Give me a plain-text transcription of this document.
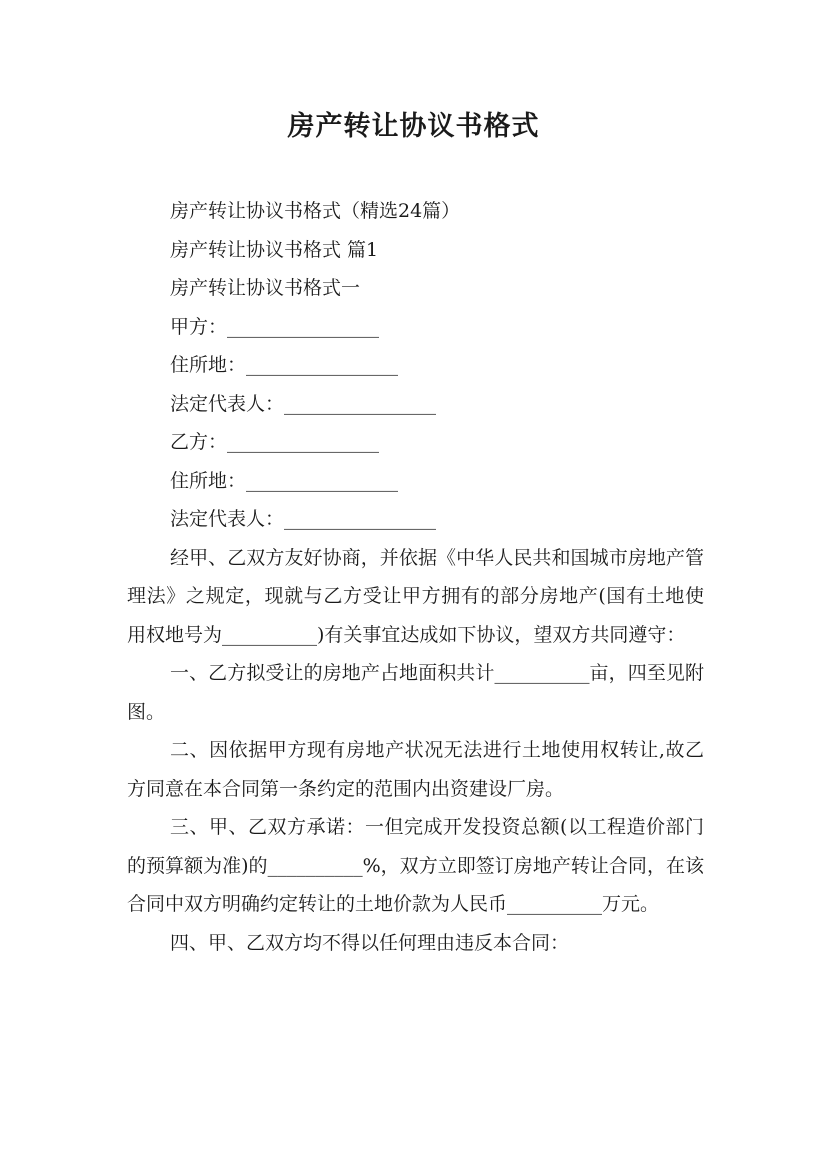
房产转让协议书格式

房产转让协议书格式（精选24篇）

房产转让协议书格式 篇1

房产转让协议书格式一

甲方：________________

住所地：________________

法定代表人：________________

乙方：________________

住所地：________________

法定代表人：________________

经甲、乙双方友好协商，并依据《中华人民共和国城市房地产管理法》之规定，现就与乙方受让甲方拥有的部分房地产(国有土地使用权地号为__________)有关事宜达成如下协议，望双方共同遵守：

一、乙方拟受让的房地产占地面积共计__________亩，四至见附图。

二、因依据甲方现有房地产状况无法进行土地使用权转让,故乙方同意在本合同第一条约定的范围内出资建设厂房。

三、甲、乙双方承诺：一但完成开发投资总额(以工程造价部门的预算额为准)的__________%，双方立即签订房地产转让合同，在该合同中双方明确约定转让的土地价款为人民币__________万元。

四、甲、乙双方均不得以任何理由违反本合同：
